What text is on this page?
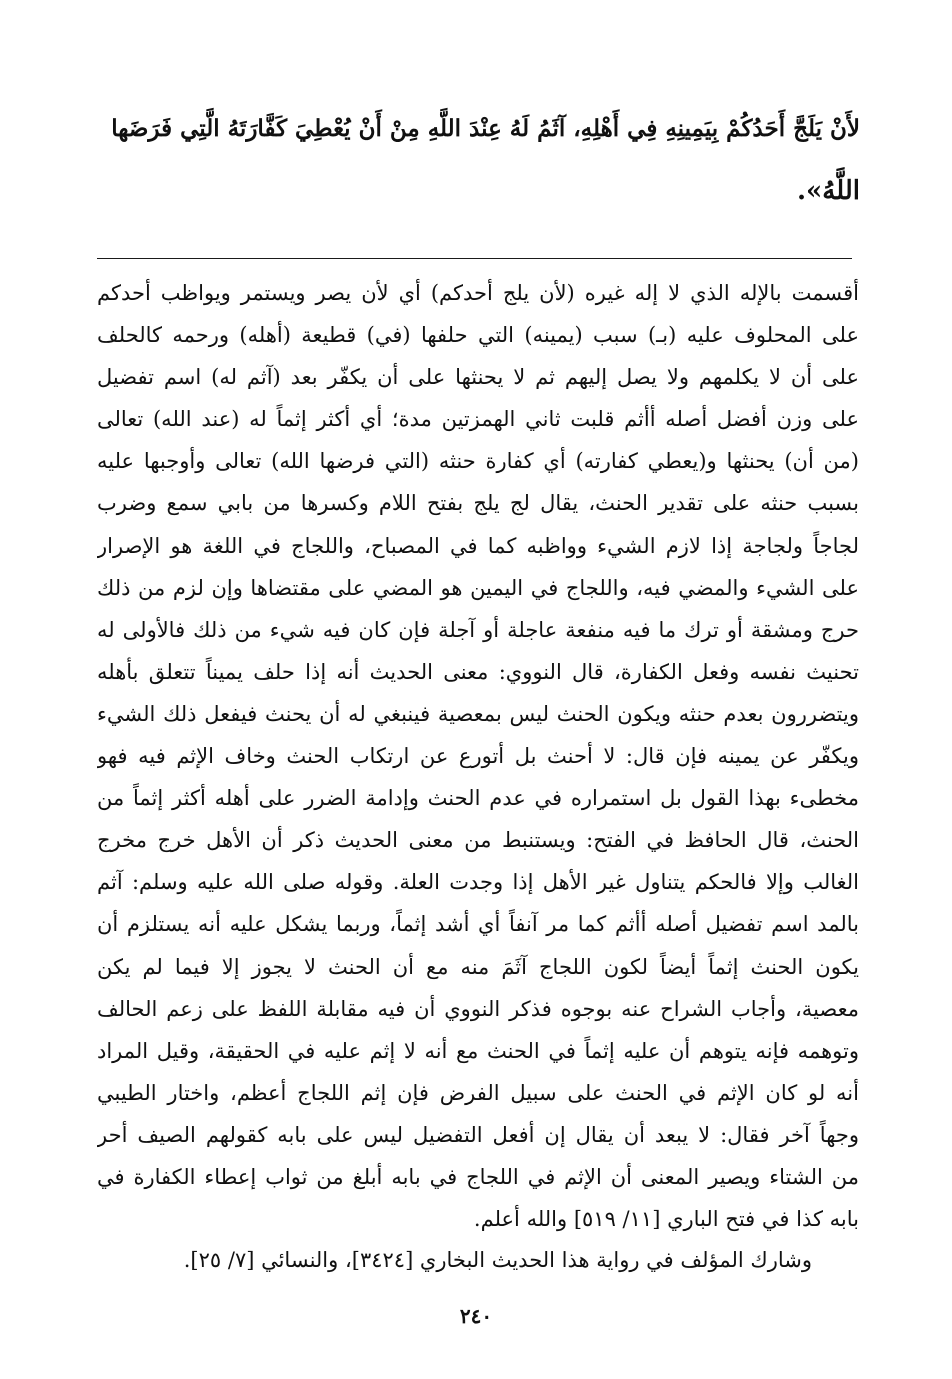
لأَنْ يَلَجَّ أَحَدُكُمْ بِيَمِينِهِ فِي أَهْلِهِ، آثَمُ لَهُ عِنْدَ اللَّهِ مِنْ أَنْ يُعْطِيَ كَفَّارَتَهُ الَّتِي فَرَضَها
اللَّهُ».
أقسمت بالإله الذي لا إله غيره (لأن يلج أحدكم) أي لأن يصر ويستمر ويواظب أحدكم
على المحلوف عليه (بـ) سبب (يمينه) التي حلفها (في) قطيعة (أهله) ورحمه كالحلف
على أن لا يكلمهم ولا يصل إليهم ثم لا يحنثها على أن يكفّر بعد (آثم له) اسم تفضيل
على وزن أفضل أصله أأثم قلبت ثاني الهمزتين مدة؛ أي أكثر إثماً له (عند الله) تعالى
(من أن) يحنثها و(يعطي كفارته) أي كفارة حنثه (التي فرضها الله) تعالى وأوجبها عليه
بسبب حنثه على تقدير الحنث، يقال لج يلج بفتح اللام وكسرها من بابي سمع وضرب
لجاجاً ولجاجة إذا لازم الشيء وواظبه كما في المصباح، واللجاج في اللغة هو الإصرار
على الشيء والمضي فيه، واللجاج في اليمين هو المضي على مقتضاها وإن لزم من ذلك
حرج ومشقة أو ترك ما فيه منفعة عاجلة أو آجلة فإن كان فيه شيء من ذلك فالأولى له
تحنيث نفسه وفعل الكفارة، قال النووي: معنى الحديث أنه إذا حلف يميناً تتعلق بأهله
ويتضررون بعدم حنثه ويكون الحنث ليس بمعصية فينبغي له أن يحنث فيفعل ذلك الشيء
ويكفّر عن يمينه فإن قال: لا أحنث بل أتورع عن ارتكاب الحنث وخاف الإثم فيه فهو
مخطىء بهذا القول بل استمراره في عدم الحنث وإدامة الضرر على أهله أكثر إثماً من
الحنث، قال الحافظ في الفتح: ويستنبط من معنى الحديث ذكر أن الأهل خرج مخرج
الغالب وإلا فالحكم يتناول غير الأهل إذا وجدت العلة. وقوله صلى الله عليه وسلم: آثم
بالمد اسم تفضيل أصله أأثم كما مر آنفاً أي أشد إثماً، وربما يشكل عليه أنه يستلزم أن
يكون الحنث إثماً أيضاً لكون اللجاج آثَمَ منه مع أن الحنث لا يجوز إلا فيما لم يكن
معصية، وأجاب الشراح عنه بوجوه فذكر النووي أن فيه مقابلة اللفظ على زعم الحالف
وتوهمه فإنه يتوهم أن عليه إثماً في الحنث مع أنه لا إثم عليه في الحقيقة، وقيل المراد
أنه لو كان الإثم في الحنث على سبيل الفرض فإن إثم اللجاج أعظم، واختار الطيبي
وجهاً آخر فقال: لا يبعد أن يقال إن أفعل التفضيل ليس على بابه كقولهم الصيف أحر
من الشتاء ويصير المعنى أن الإثم في اللجاج في بابه أبلغ من ثواب إعطاء الكفارة في
بابه كذا في فتح الباري [١١/ ٥١٩] والله أعلم.
وشارك المؤلف في رواية هذا الحديث البخاري [٣٤٢٤]، والنسائي [٧/ ٢٥].
٢٤٠
